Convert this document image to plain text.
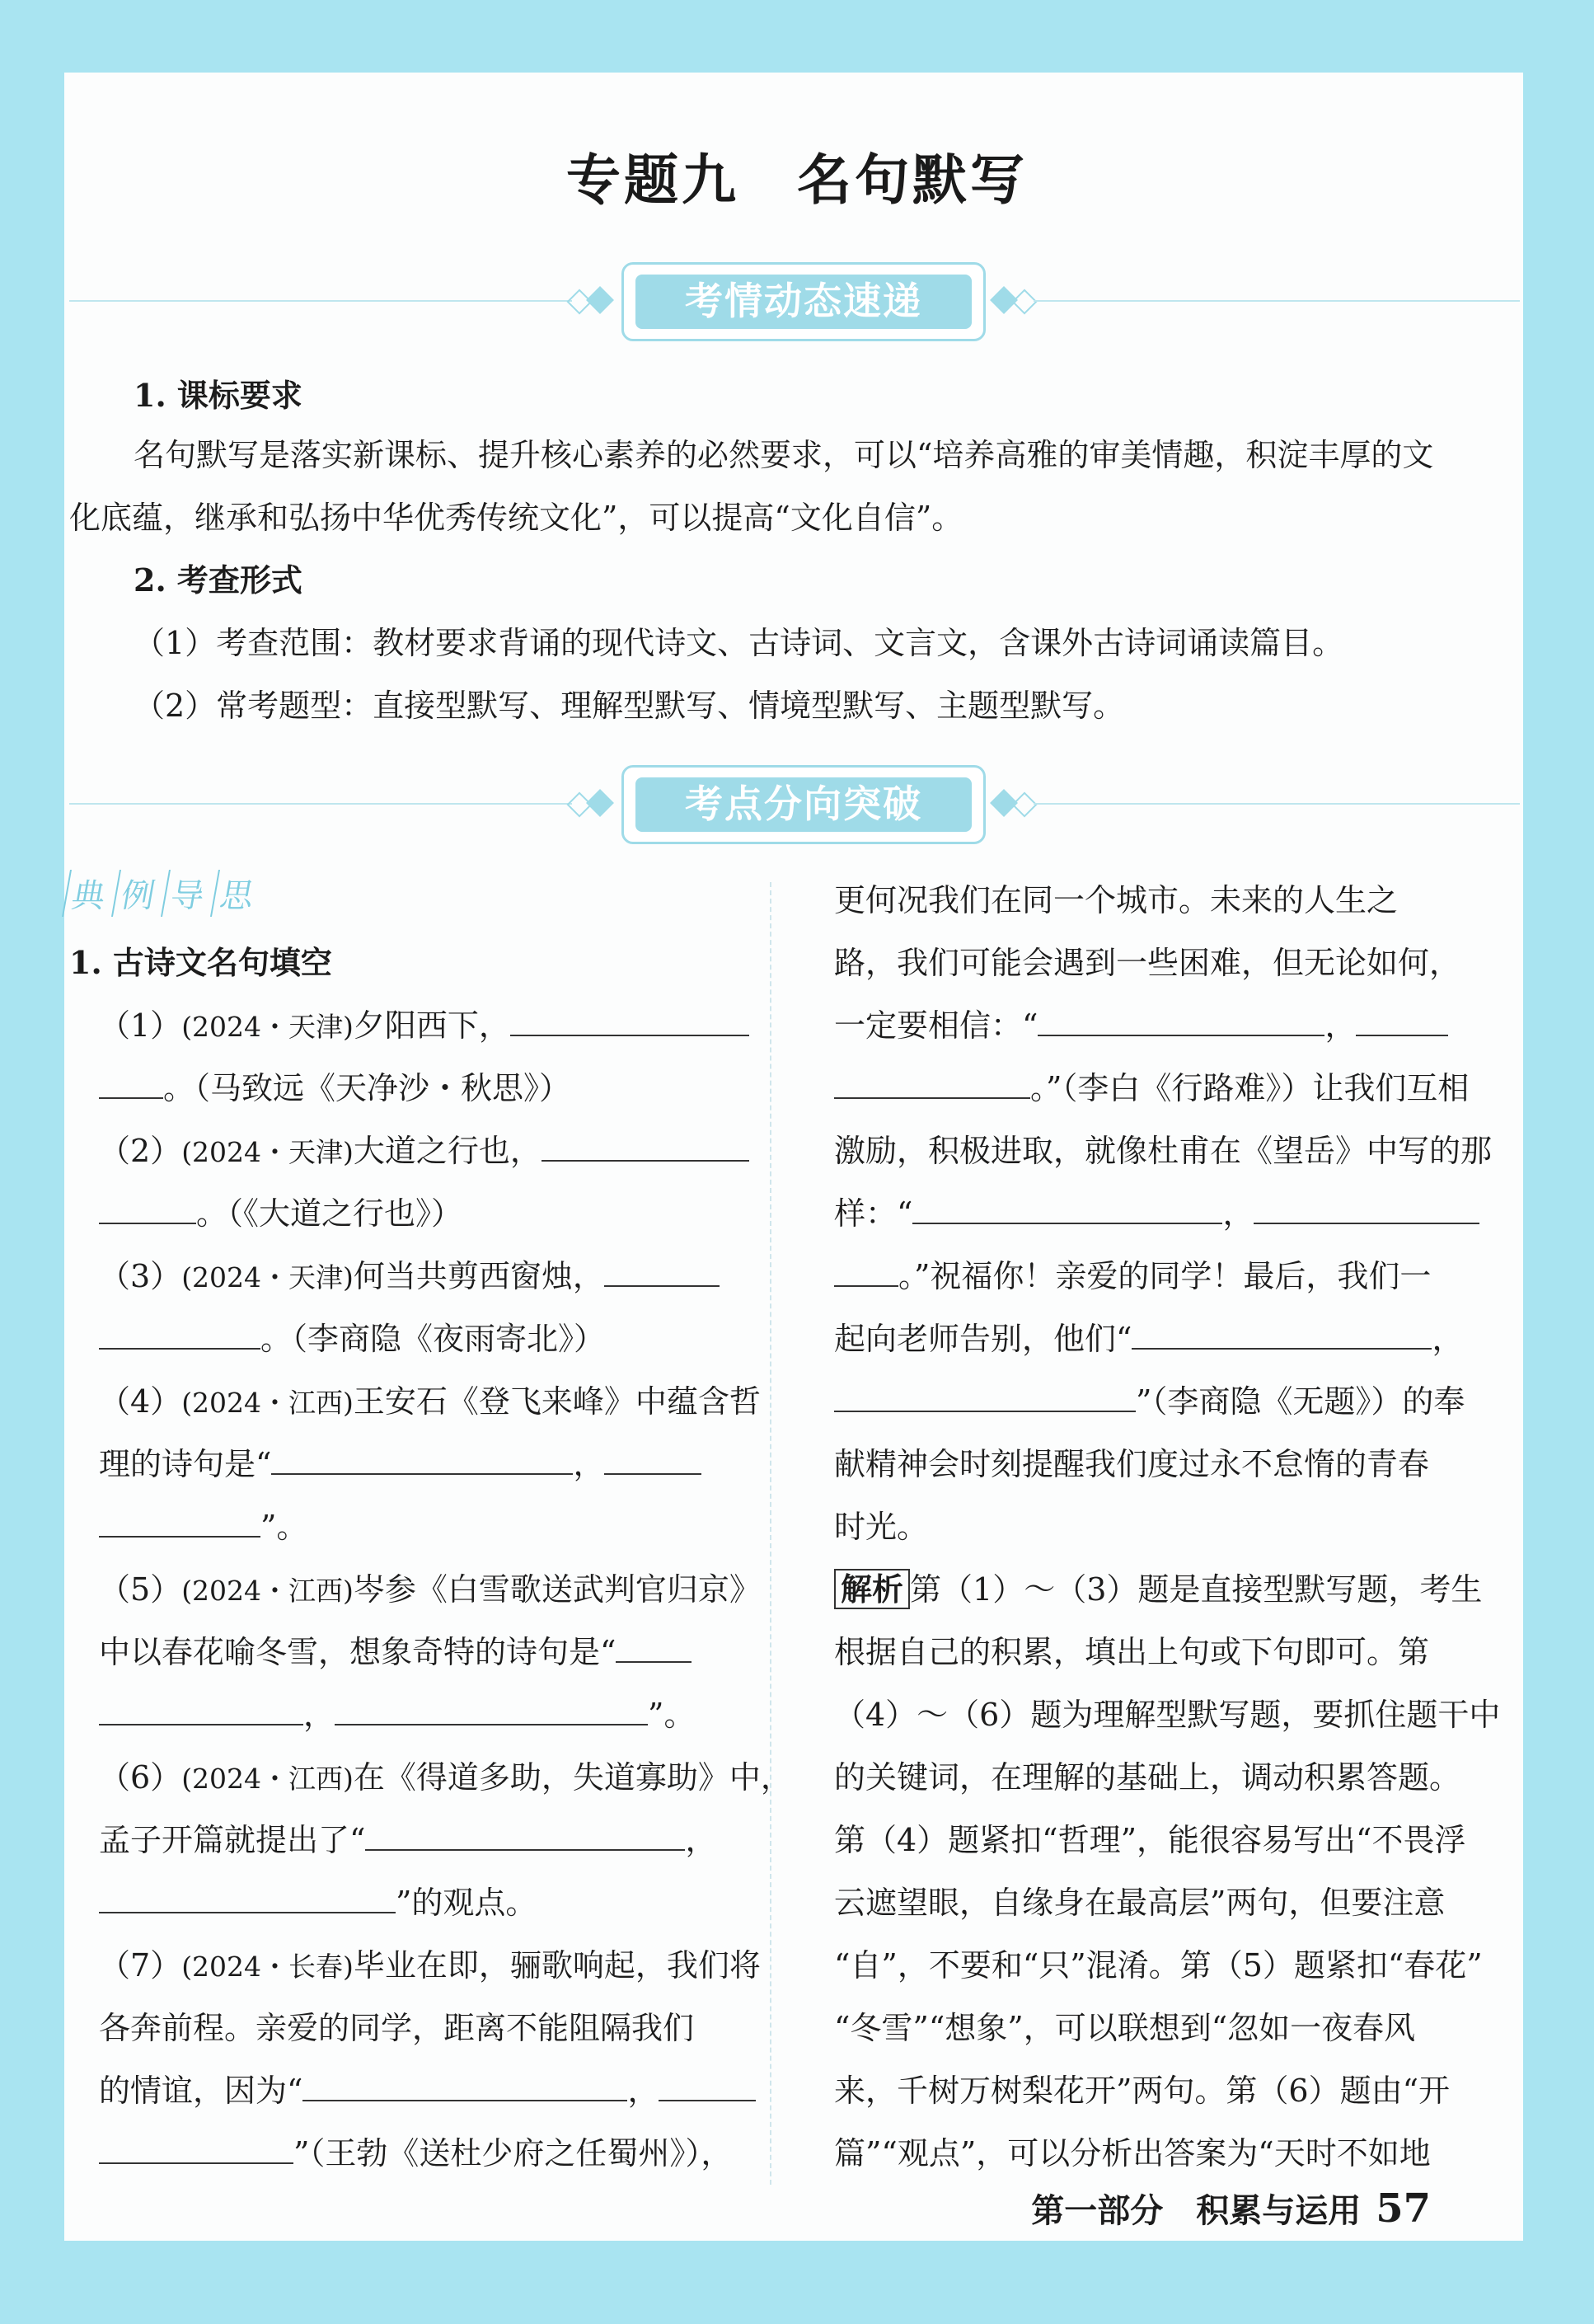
专题九　名句默写
考情动态速递
1. 课标要求
名句默写是落实新课标、提升核心素养的必然要求，可以“培养高雅的审美情趣，积淀丰厚的文
化底蕴，继承和弘扬中华优秀传统文化”，可以提高“文化自信”。
2. 考查形式
（1）考查范围：教材要求背诵的现代诗文、古诗词、文言文，含课外古诗词诵读篇目。
（2）常考题型：直接型默写、理解型默写、情境型默写、主题型默写。
考点分向突破
典 例 导 思
1. 古诗文名句填空
（1）(2024・天津)夕阳西下，
。（马致远《天净沙・秋思》）
（2）(2024・天津)大道之行也，
。（《大道之行也》）
（3）(2024・天津)何当共剪西窗烛，
。（李商隐《夜雨寄北》）
（4）(2024・江西)王安石《登飞来峰》中蕴含哲
理的诗句是“	，
”。
（5）(2024・江西)岑参《白雪歌送武判官归京》
中以春花喻冬雪，想象奇特的诗句是“
，	”。
（6）(2024・江西)在《得道多助，失道寡助》中，
孟子开篇就提出了“	，
”的观点。
（7）(2024・长春)毕业在即，骊歌响起，我们将
各奔前程。亲爱的同学，距离不能阻隔我们
的情谊，因为“	，
”（王勃《送杜少府之任蜀州》），
更何况我们在同一个城市。未来的人生之
路，我们可能会遇到一些困难，但无论如何，
一定要相信：“	，
。”（李白《行路难》）让我们互相
激励，积极进取，就像杜甫在《望岳》中写的那
样：“	，
。”祝福你！亲爱的同学！最后，我们一
起向老师告别，他们“	，
”（李商隐《无题》）的奉
献精神会时刻提醒我们度过永不怠惰的青春
时光。
解析 第（1）～（3）题是直接型默写题，考生
根据自己的积累，填出上句或下句即可。第
（4）～（6）题为理解型默写题，要抓住题干中
的关键词，在理解的基础上，调动积累答题。
第（4）题紧扣“哲理”，能很容易写出“不畏浮
云遮望眼，自缘身在最高层”两句，但要注意
“自”，不要和“只”混淆。第（5）题紧扣“春花”
“冬雪”“想象”，可以联想到“忽如一夜春风
来，千树万树梨花开”两句。第（6）题由“开
篇”“观点”，可以分析出答案为“天时不如地
第一部分　积累与运用 57
